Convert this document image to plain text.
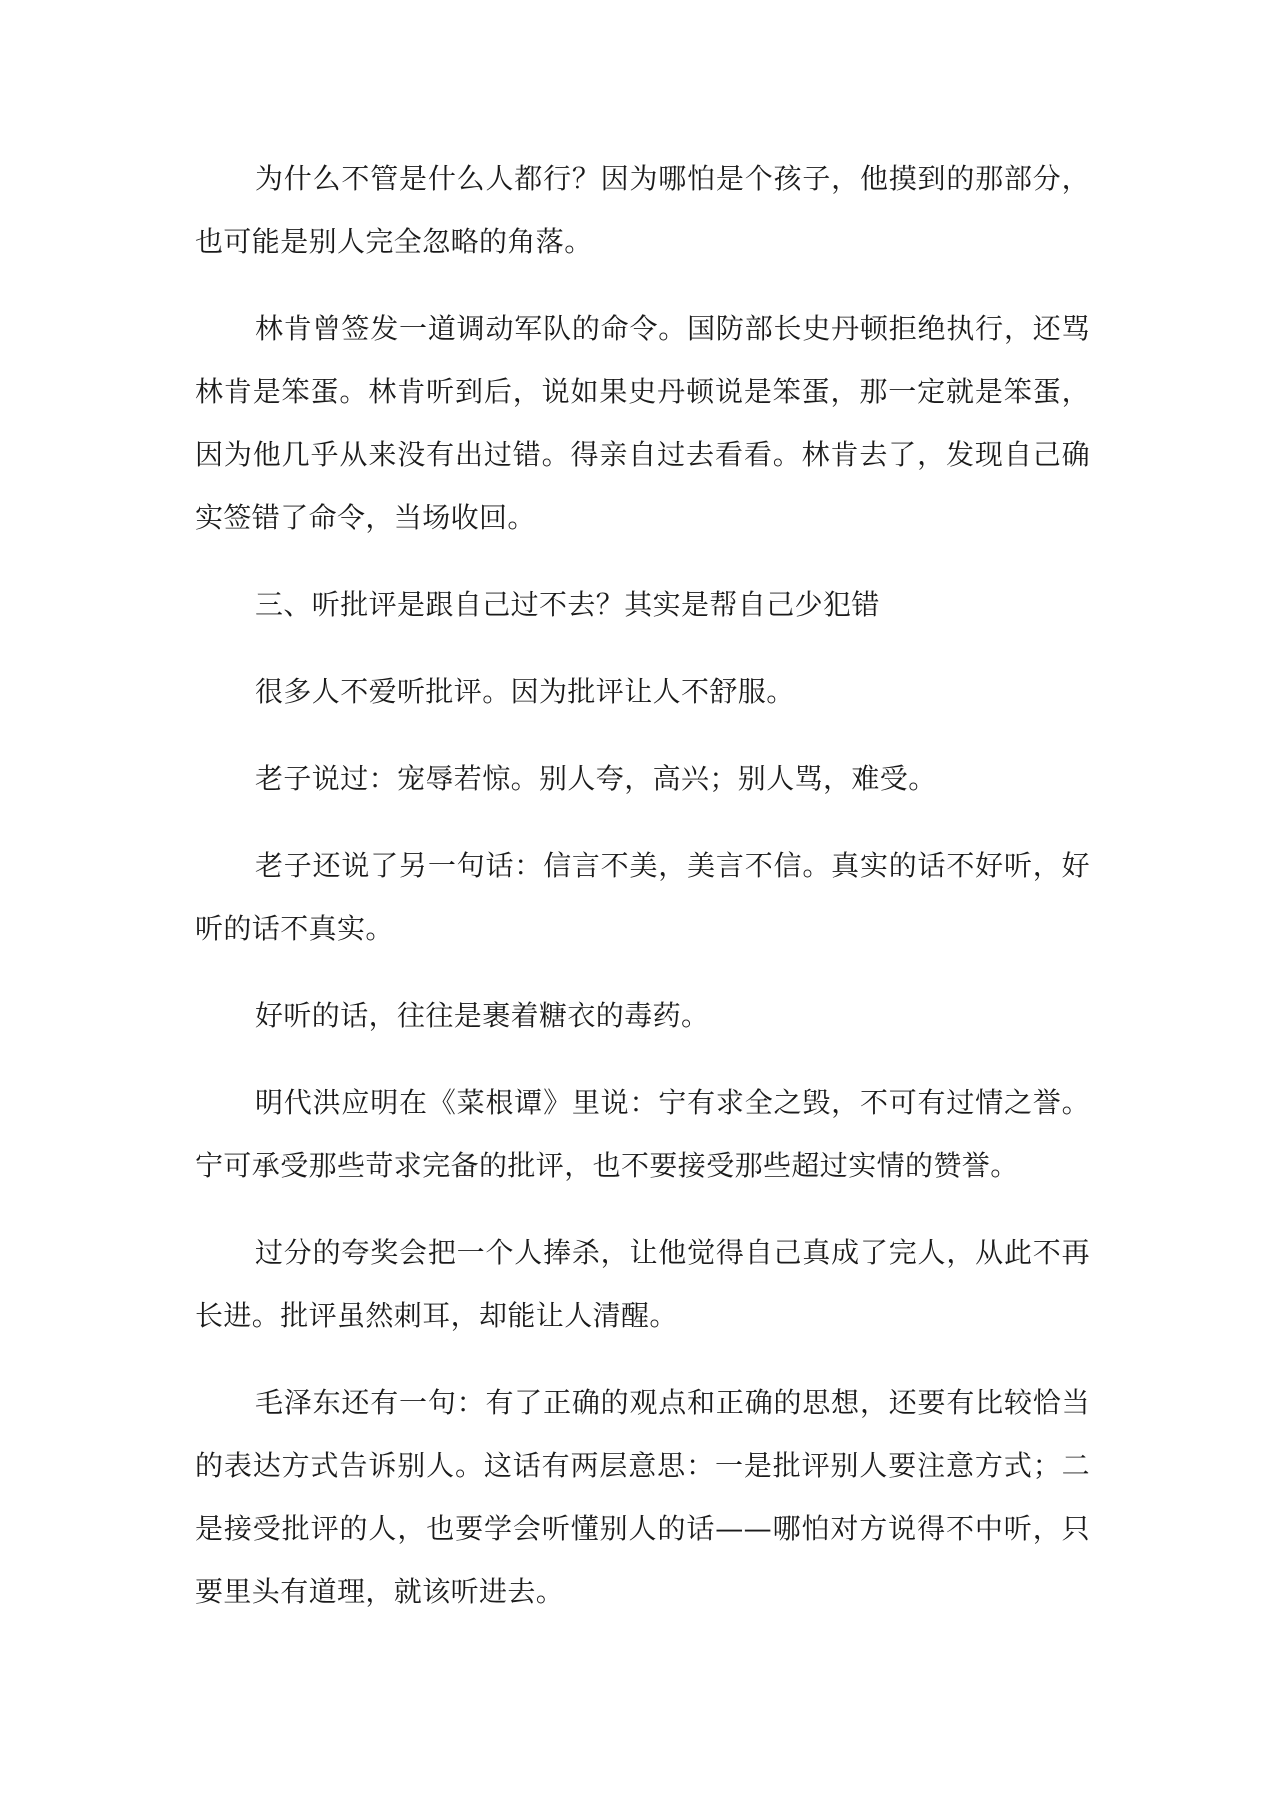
为什么不管是什么人都行？因为哪怕是个孩子，他摸到的那部分，也可能是别人完全忽略的角落。

林肯曾签发一道调动军队的命令。国防部长史丹顿拒绝执行，还骂林肯是笨蛋。林肯听到后，说如果史丹顿说是笨蛋，那一定就是笨蛋，因为他几乎从来没有出过错。得亲自过去看看。林肯去了，发现自己确实签错了命令，当场收回。

三、听批评是跟自己过不去？其实是帮自己少犯错

很多人不爱听批评。因为批评让人不舒服。

老子说过：宠辱若惊。别人夸，高兴；别人骂，难受。

老子还说了另一句话：信言不美，美言不信。真实的话不好听，好听的话不真实。

好听的话，往往是裹着糖衣的毒药。

明代洪应明在《菜根谭》里说：宁有求全之毁，不可有过情之誉。宁可承受那些苛求完备的批评，也不要接受那些超过实情的赞誉。

过分的夸奖会把一个人捧杀，让他觉得自己真成了完人，从此不再长进。批评虽然刺耳，却能让人清醒。

毛泽东还有一句：有了正确的观点和正确的思想，还要有比较恰当的表达方式告诉别人。这话有两层意思：一是批评别人要注意方式；二是接受批评的人，也要学会听懂别人的话——哪怕对方说得不中听，只要里头有道理，就该听进去。
